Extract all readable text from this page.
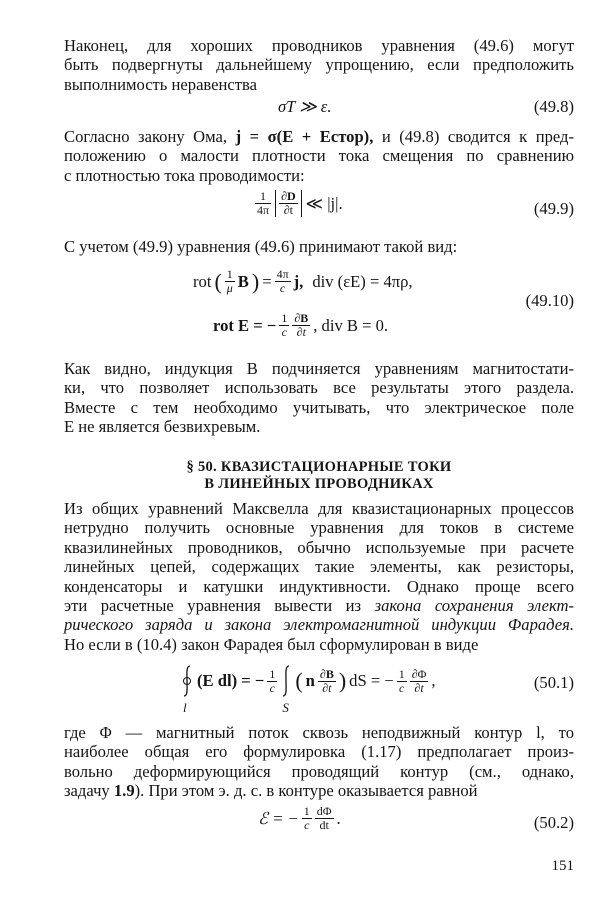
Наконец, для хороших проводников уравнения (49.6) могут
быть подвергнуты дальнейшему упрощению, если предположить
выполнимость неравенства
σT ≫ ε.	(49.8)
Согласно закону Ома, j = σ(E + Eстор), и (49.8) сводится к пред-
положению о малости плотности тока смещения по сравнению
с плотностью тока проводимости:
$\frac{1}{4\pi} \frac{\partial D}{\partial t}$ ≪ |j|.	(49.9)
С учетом (49.9) уравнения (49.6) принимают такой вид:
rot ( $\frac{1}{\mu}$ B ) = $\frac{4\pi}{c} j$, div (εE) = 4πρ,
rot E = − $\frac{1}{c} \frac{\partial B}{\partial t}$ , div B = 0.
(49.10)
Как видно, индукция B подчиняется уравнениям магнитостати-
ки, что позволяет использовать все результаты этого раздела.
Вместе с тем необходимо учитывать, что электрическое поле
E не является безвихревым.
§ 50. КВАЗИСТАЦИОНАРНЫЕ ТОКИ
В ЛИНЕЙНЫХ ПРОВОДНИКАХ
Из общих уравнений Максвелла для квазистационарных процессов
нетрудно получить основные уравнения для токов в системе
квазилинейных проводников, обычно используемые при расчете
линейных цепей, содержащих такие элементы, как резисторы,
конденсаторы и катушки индуктивности. Однако проще всего
эти расчетные уравнения вывести из закона сохранения элект-
рического заряда и закона электромагнитной индукции Фарадея.
Но если в (10.4) закон Фарадея был сформулирован в виде
l
(E dl) = − $\frac{1}{c}$
S
( n $\frac{\partial B}{\partial t}$ ) dS = − $\frac{1}{c} \frac{\partial\Phi}{\partial t}$ ,	(50.1)
где Φ — магнитный поток сквозь неподвижный контур l, то
наиболее общая его формулировка (1.17) предполагает произ-
вольно деформирующийся проводящий контур (см., однако,
задачу 1.9). При этом э. д. с. в контуре оказывается равной
ℰ = − $\frac{1}{c} \frac{d\Phi}{dt}$ .	(50.2)
151
